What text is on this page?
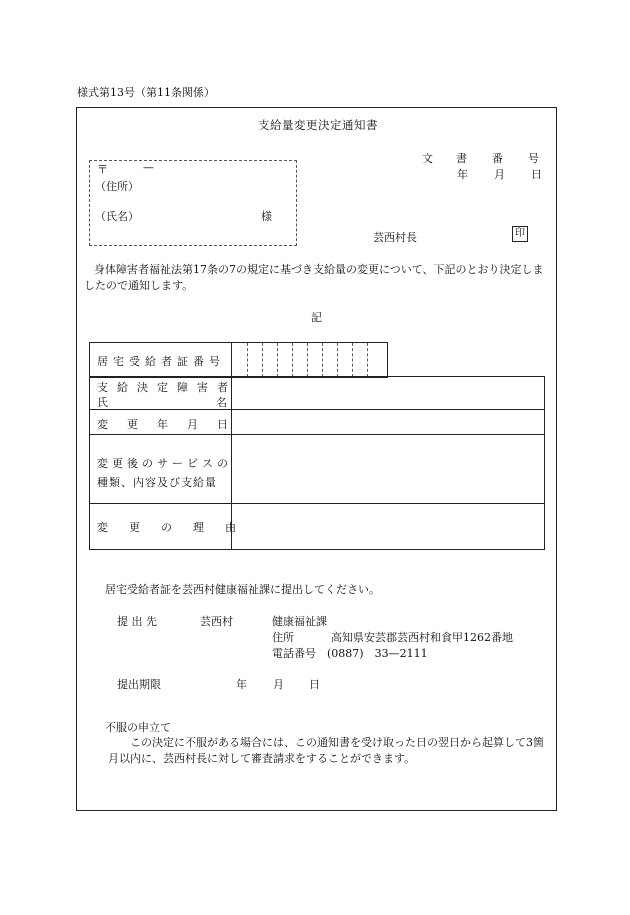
様式第13号（第11条関係）
支給量変更決定通知書
〒	—
（住所）
（氏名）	様
文 書 番 号
年 月 日
芸西村長	印
身体障害者福祉法第17条の7の規定に基づき支給量の変更について、下記のとおり決定しましたので通知します。
記
居宅受給者証番号
支給決定障害者
氏	名
変更年月日
変更後のサービスの
種類、内容及び支給量
変更の理由
居宅受給者証を芸西村健康福祉課に提出してください。
提 出 先	芸西村	健康福祉課
住所	高知県安芸郡芸西村和食甲1262番地
電話番号 (0887)　33—2111
提出期限	年 月 日
不服の申立て
この決定に不服がある場合には、この通知書を受け取った日の翌日から起算して3箇月以内に、芸西村長に対して審査請求をすることができます。
